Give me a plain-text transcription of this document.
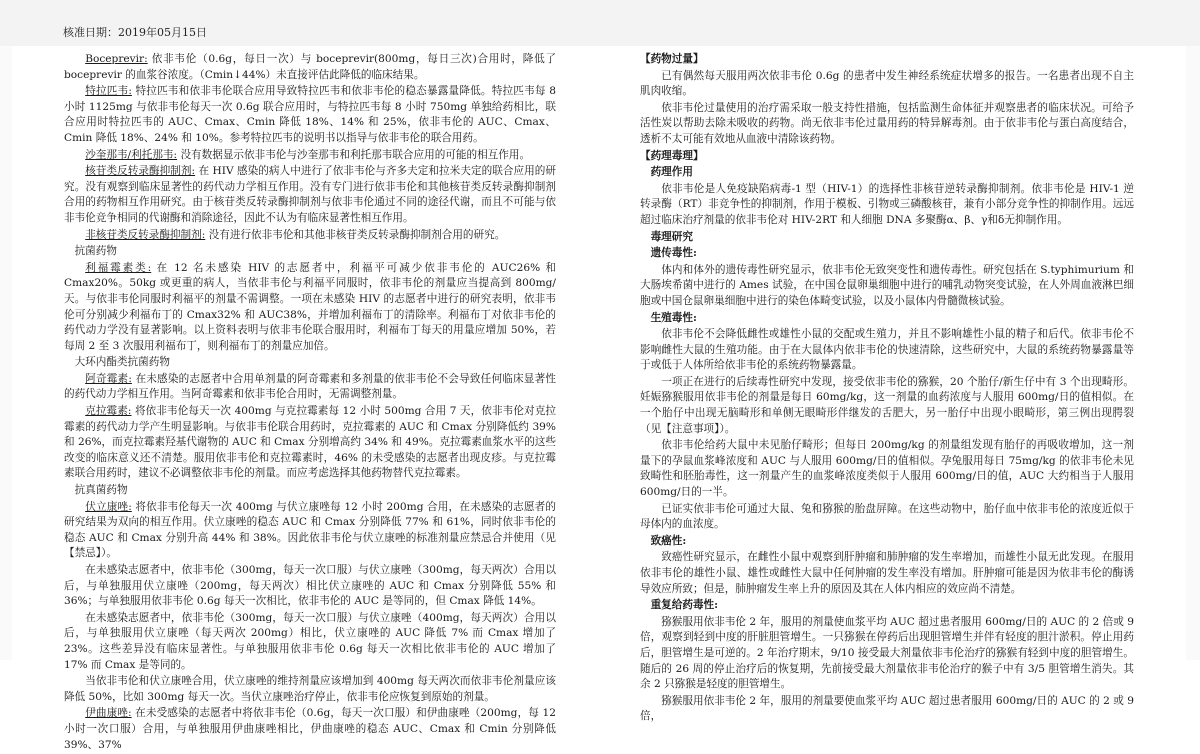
核准日期：2019年05月15日

Boceprevir: 依非韦伦（0.6g，每日一次）与 boceprevir(800mg，每日三次)合用时，降低了 boceprevir 的血浆谷浓度。（Cmin↓44%）未直接评估此降低的临床结果。

特拉匹韦: 特拉匹韦和依非韦伦联合应用导致特拉匹韦和依非韦伦的稳态暴露量降低。特拉匹韦每 8 小时 1125mg 与依非韦伦每天一次 0.6g 联合应用时，与特拉匹韦每 8 小时 750mg 单独给药相比，联合应用时特拉匹韦的 AUC、Cmax、Cmin 降低 18%、14% 和 25%，依非韦伦的 AUC、Cmax、Cmin 降低 18%、24% 和 10%。参考特拉匹韦的说明书以指导与依非韦伦的联合用药。

沙奎那韦/利托那韦: 没有数据显示依非韦伦与沙奎那韦和利托那韦联合应用的可能的相互作用。

核苷类反转录酶抑制剂: 在 HIV 感染的病人中进行了依非韦伦与齐多夫定和拉米夫定的联合应用的研究。没有观察到临床显著性的药代动力学相互作用。没有专门进行依非韦伦和其他核苷类反转录酶抑制剂合用的药物相互作用研究。由于核苷类反转录酶抑制剂与依非韦伦通过不同的途径代谢，而且不可能与依非韦伦竞争相同的代谢酶和消除途径，因此不认为有临床显著性相互作用。

非核苷类反转录酶抑制剂: 没有进行依非韦伦和其他非核苷类反转录酶抑制剂合用的研究。

抗菌药物

利福霉素类: 在 12 名未感染 HIV 的志愿者中，利福平可减少依非韦伦的 AUC26% 和 Cmax20%。50kg 或更重的病人，当依非韦伦与利福平同服时，依非韦伦的剂量应当提高到 800mg/天。与依非韦伦同服时利福平的剂量不需调整。一项在未感染 HIV 的志愿者中进行的研究表明，依非韦伦可分别减少利福布丁的 Cmax32% 和 AUC38%，并增加利福布丁的清除率。利福布丁对依非韦伦的药代动力学没有显著影响。以上资料表明与依非韦伦联合服用时，利福布丁每天的用量应增加 50%，若每周 2 至 3 次服用利福布丁，则利福布丁的剂量应加倍。

大环内酯类抗菌药物

阿奇霉素: 在未感染的志愿者中合用单剂量的阿奇霉素和多剂量的依非韦伦不会导致任何临床显著性的药代动力学相互作用。当阿奇霉素和依非韦伦合用时，无需调整剂量。

克拉霉素: 将依非韦伦每天一次 400mg 与克拉霉素每 12 小时 500mg 合用 7 天，依非韦伦对克拉霉素的药代动力学产生明显影响。与依非韦伦联合用药时，克拉霉素的 AUC 和 Cmax 分别降低约 39% 和 26%，而克拉霉素羟基代谢物的 AUC 和 Cmax 分别增高约 34% 和 49%。克拉霉素血浆水平的这些改变的临床意义还不清楚。服用依非韦伦和克拉霉素时，46% 的未受感染的志愿者出现皮疹。与克拉霉素联合用药时，建议不必调整依非韦伦的剂量。而应考虑选择其他药物替代克拉霉素。

抗真菌药物

伏立康唑: 将依非韦伦每天一次 400mg 与伏立康唑每 12 小时 200mg 合用，在未感染的志愿者的研究结果为双向的相互作用。伏立康唑的稳态 AUC 和 Cmax 分别降低 77% 和 61%，同时依非韦伦的稳态 AUC 和 Cmax 分别升高 44% 和 38%。因此依非韦伦与伏立康唑的标准剂量应禁忌合并使用（见【禁忌】）。

在未感染志愿者中，依非韦伦（300mg，每天一次口服）与伏立康唑（300mg，每天两次）合用以后，与单独服用伏立康唑（200mg，每天两次）相比伏立康唑的 AUC 和 Cmax 分别降低 55% 和 36%；与单独服用依非韦伦 0.6g 每天一次相比，依非韦伦的 AUC 是等同的，但 Cmax 降低 14%。

在未感染志愿者中，依非韦伦（300mg，每天一次口服）与伏立康唑（400mg，每天两次）合用以后，与单独服用伏立康唑（每天两次 200mg）相比，伏立康唑的 AUC 降低 7% 而 Cmax 增加了 23%。这些差异没有临床显著性。与单独服用依非韦伦 0.6g 每天一次相比依非韦伦的 AUC 增加了 17% 而 Cmax 是等同的。

当依非韦伦和伏立康唑合用，伏立康唑的维持剂量应该增加到 400mg 每天两次而依非韦伦剂量应该降低 50%，比如 300mg 每天一次。当伏立康唑治疗停止，依非韦伦应恢复到原始的剂量。

伊曲康唑: 在未受感染的志愿者中将依非韦伦（0.6g，每天一次口服）和伊曲康唑（200mg，每 12 小时一次口服）合用，与单独服用伊曲康唑相比，伊曲康唑的稳态 AUC、Cmax 和 Cmin 分别降低 39%、37%

【药物过量】

已有偶然每天服用两次依非韦伦 0.6g 的患者中发生神经系统症状增多的报告。一名患者出现不自主肌肉收缩。

依非韦伦过量使用的治疗需采取一般支持性措施，包括监测生命体征并观察患者的临床状况。可给予活性炭以帮助去除未吸收的药物。尚无依非韦伦过量用药的特异解毒剂。由于依非韦伦与蛋白高度结合，透析不太可能有效地从血液中清除该药物。

【药理毒理】

药理作用

依非韦伦是人免疫缺陷病毒-1 型（HIV-1）的选择性非核苷逆转录酶抑制剂。依非韦伦是 HIV-1 逆转录酶（RT）非竞争性的抑制剂，作用于模板、引物或三磷酸核苷，兼有小部分竞争性的抑制作用。远远超过临床治疗剂量的依非韦伦对 HIV-2RT 和人细胞 DNA 多聚酶α、β、γ和δ无抑制作用。

毒理研究

遗传毒性:

体内和体外的遗传毒性研究显示，依非韦伦无致突变性和遗传毒性。研究包括在 S.typhimurium 和大肠埃希菌中进行的 Ames 试验，在中国仓鼠卵巢细胞中进行的哺乳动物突变试验，在人外周血液淋巴细胞或中国仓鼠卵巢细胞中进行的染色体畸变试验，以及小鼠体内骨髓微核试验。

生殖毒性:

依非韦伦不会降低雌性或雄性小鼠的交配或生殖力，并且不影响雄性小鼠的精子和后代。依非韦伦不影响雌性大鼠的生殖功能。由于在大鼠体内依非韦伦的快速清除，这些研究中，大鼠的系统药物暴露量等于或低于人体所给依非韦伦的系统药物暴露量。

一项正在进行的后续毒性研究中发现，接受依非韦伦的猕猴，20 个胎仔/新生仔中有 3 个出现畸形。妊娠猕猴服用依非韦伦的剂量是每日 60mg/kg，这一剂量的血药浓度与人服用 600mg/日的值相似。在一个胎仔中出现无脑畸形和单侧无眼畸形伴继发的舌肥大，另一胎仔中出现小眼畸形，第三例出现腭裂（见【注意事项】）。

依非韦伦给药大鼠中未见胎仔畸形；但每日 200mg/kg 的剂量组发现有胎仔的再吸收增加，这一剂量下的孕鼠血浆峰浓度和 AUC 与人服用 600mg/日的值相似。孕兔服用每日 75mg/kg 的依非韦伦未见致畸性和胚胎毒性，这一剂量产生的血浆峰浓度类似于人服用 600mg/日的值，AUC 大约相当于人服用 600mg/日的一半。

已证实依非韦伦可通过大鼠、兔和猕猴的胎盘屏障。在这些动物中，胎仔血中依非韦伦的浓度近似于母体内的血浓度。

致癌性:

致癌性研究显示，在雌性小鼠中观察到肝肿瘤和肺肿瘤的发生率增加，而雄性小鼠无此发现。在服用依非韦伦的雄性小鼠、雄性或雌性大鼠中任何肿瘤的发生率没有增加。肝肿瘤可能是因为依非韦伦的酶诱导效应所致；但是，肺肿瘤发生率上升的原因及其在人体内相应的效应尚不清楚。

重复给药毒性:

猕猴服用依非韦伦 2 年，服用的剂量使血浆平均 AUC 超过患者服用 600mg/日的 AUC 的 2 倍或 9 倍，观察到轻到中度的肝脏胆管增生。一只猕猴在停药后出现胆管增生并伴有轻度的胆汁淤积。停止用药后，胆管增生是可逆的。2 年治疗期末，9/10 接受最大剂量依非韦伦治疗的猕猴有轻到中度的胆管增生。随后的 26 周的停止治疗后的恢复期，先前接受最大剂量依非韦伦治疗的猴子中有 3/5 胆管增生消失。其余 2 只猕猴是轻度的胆管增生。

猕猴服用依非韦伦 2 年，服用的剂量要使血浆平均 AUC 超过患者服用 600mg/日的 AUC 的 2 或 9 倍，
